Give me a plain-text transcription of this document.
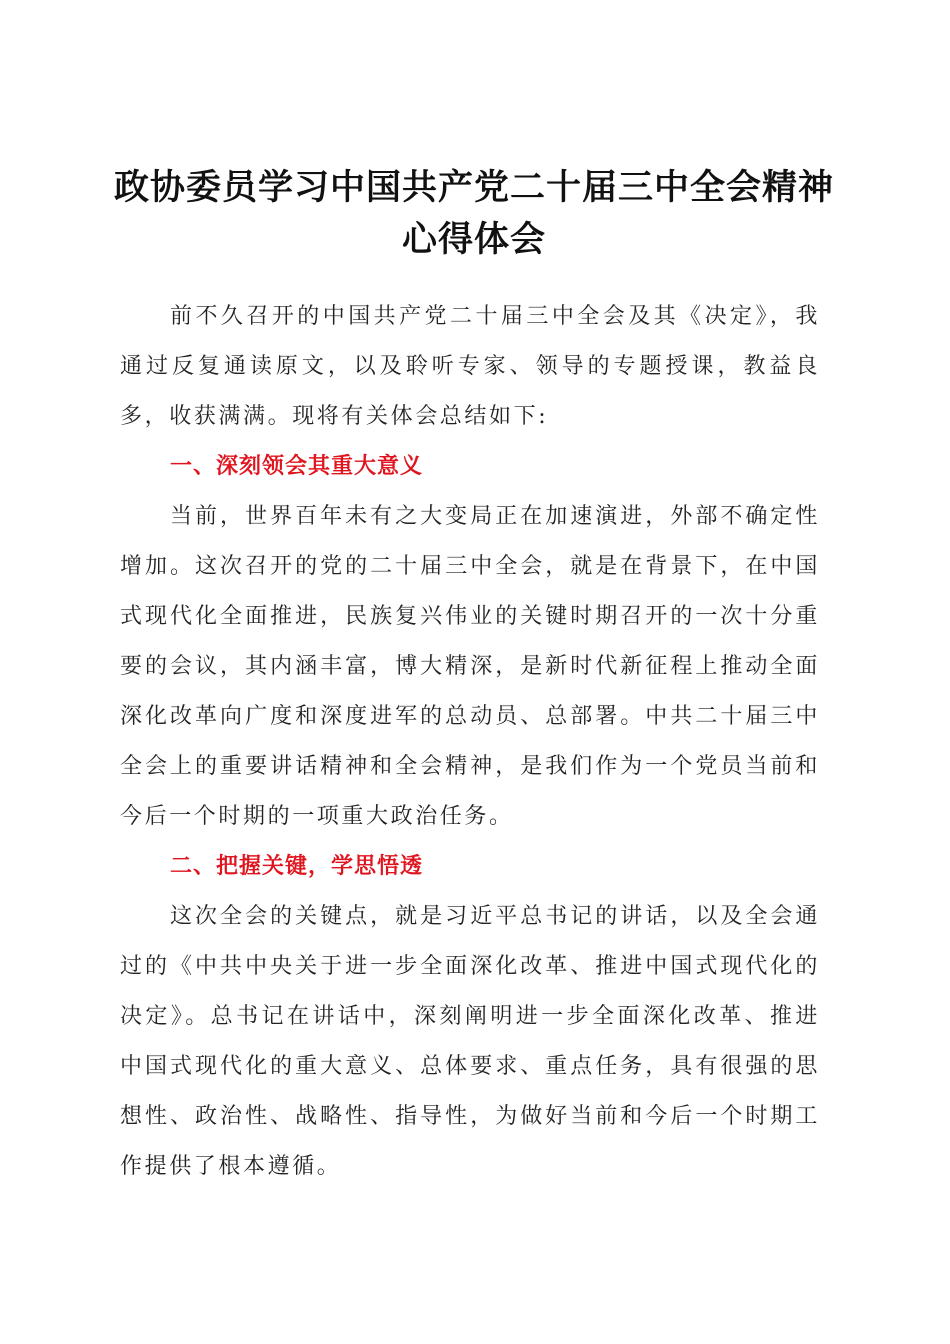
政协委员学习中国共产党二十届三中全会精神
心得体会

前不久召开的中国共产党二十届三中全会及其《决定》，我通过反复通读原文，以及聆听专家、领导的专题授课，教益良多，收获满满。现将有关体会总结如下:

一、深刻领会其重大意义

当前，世界百年未有之大变局正在加速演进，外部不确定性增加。这次召开的党的二十届三中全会，就是在背景下，在中国式现代化全面推进，民族复兴伟业的关键时期召开的一次十分重要的会议，其内涵丰富，博大精深，是新时代新征程上推动全面深化改革向广度和深度进军的总动员、总部署。中共二十届三中全会上的重要讲话精神和全会精神，是我们作为一个党员当前和今后一个时期的一项重大政治任务。

二、把握关键，学思悟透

这次全会的关键点，就是习近平总书记的讲话，以及全会通过的《中共中央关于进一步全面深化改革、推进中国式现代化的决定》。总书记在讲话中，深刻阐明进一步全面深化改革、推进中国式现代化的重大意义、总体要求、重点任务，具有很强的思想性、政治性、战略性、指导性，为做好当前和今后一个时期工作提供了根本遵循。
